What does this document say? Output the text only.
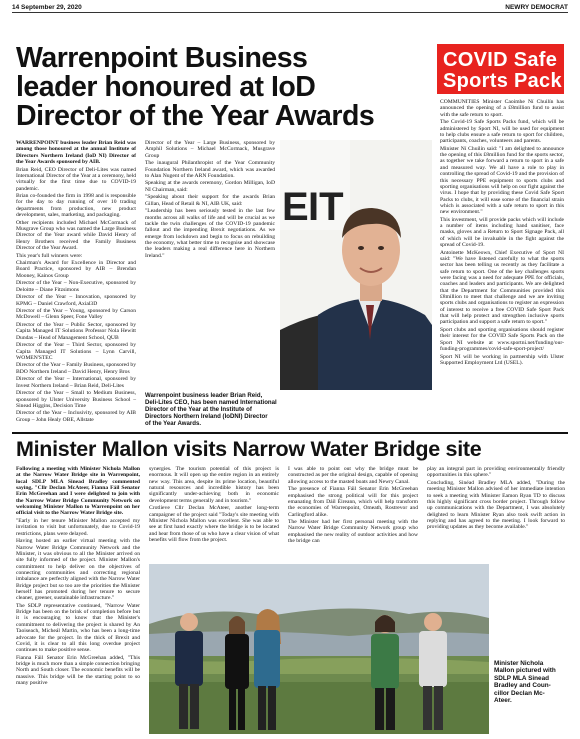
14 September 29, 2020	NEWRY DEMOCRAT
Warrenpoint Business
leader honoured at IoD
Director of the Year Awards

WARRENPOINT business leader Brian Reid was among those honoured at the annual Institute of Directors Northern Ireland (IoD NI) Director of the Year Awards sponsored by AIB.

Brian Reid, CEO Director of Deli-Lites was named International Director of the Year at a ceremony, held virtually for the first time due to COVID-19 pandemic.

Brian co-founded the firm in 1998 and is responsible for the day to day running of over 10 trading departments from production, new product development, sales, marketing, and packaging.

Other recipients included Michael McCormack of Musgrave Group who was named the Large Business Director of the Year award while David Henry of Henry Brothers received the Family Business Director of the Year Award.

This year's full winners were:

Chairman's Award for Excellence in Director and Board Practice, sponsored by AIB – Brendan Mooney, Kainos Group

Director of the Year – Non-Executive, sponsored by Deloitte – Diane Fitzsimons

Director of the Year – Innovation, sponsored by KPMG – Daniel Crawford, Axial3D

Director of the Year – Young, sponsored by Carson McDowell – Glenn Speer, Fone Valley

Director of the Year – Public Sector, sponsored by Capita Managed IT Solutions Professor Nola Hewitt Dundas – Head of Management School, QUB

Director of the Year – Third Sector, sponsored by Capita Managed IT Solutions – Lynn Carvill, WOMEN'STEC

Director of the Year – Family Business, sponsored by BDO Northern Ireland – David Henry, Henry Bros

Director of the Year – International, sponsored by Invest Northern Ireland – Brian Reid, Deli-Lites

Director of the Year – Small to Medium Business, sponsored by Ulster University Business School – Sinead Higgins, Decision Time

Director of the Year – Inclusivity, sponsored by AIB Group – John Healy OBE, Allstate

Director of the Year – Large Business, sponsored by Amphil Solutions – Michael McCormack, Musgrave Group

The inaugural Philanthropist of the Year Community Foundation Northern Ireland award, which was awarded to Alan Nugent of the ARN Foundation.

Speaking at the awards ceremony, Gordon Milligan, IoD NI Chairman, said:

"Speaking about their support for the awards Brian Gillan, Head of Retail & NI, AIB UK, said:

"Leadership has been seriously tested in the last few months across all walks of life and will be crucial as we tackle the twin challenges of the COVID-19 pandemic fallout and the impending Brexit negotiations. As we emerge from lockdown and begin to focus on rebuilding the economy, what better time to recognise and showcase the leaders making a real difference here in Northern Ireland."

E IT
Warrenpoint business leader Brian Reid,
Deli-Lites CEO, has been named International
Director of the Year at the Institute of
Directors Northern Ireland (IoDNI) Director
of the Year Awards.
COVID Safe
Sports Pack

COMMUNITIES Minister Caoimhe Ní Chuilín has announced the opening of a £8million fund to assist with the safe return to sport.

The Covid-19 Safe Sports Packs fund, which will be administered by Sport NI, will be used for equipment to help clubs ensure a safe return to sport for children, participants, coaches, volunteers and parents.

Minister Ní Chuilín said: "I am delighted to announce the opening of this £8million fund for the sports sector, as together we take forward a return to sport in a safe and measured way. We all have a role to play in controlling the spread of Covid-19 and the provision of this necessary PPE equipment to sports clubs and sporting organisations will help on our fight against the virus. I hope that by providing these Covid Safe Sport Packs to clubs, it will ease some of the financial strain which is associated with a safe return to sport in this new environment."

This investment, will provide packs which will include a number of items including hand sanitiser, face masks, gloves and a Return to Sport Signage Pack, all of which will be invaluable in the fight against the spread of Covid-19.

Antoinette McKeown, Chief Executive of Sport NI said: "We have listened carefully to what the sports sector has been telling us recently as they facilitate a safe return to sport. One of the key challenges sports were facing was a need for adequate PPE for officials, coaches and leaders and participants. We are delighted that the Department for Communities provided this £8million to meet that challenge and we are inviting sports clubs and organisations to register an expression of interest to receive a free COVID Safe Sport Pack that will help protect and strengthen inclusive sports participation and support a safe return to sport."

Sport clubs and sporting organisations should register their interest for the COVID Safe Sports Pack on the Sport NI website at www.sportni.net/funding/our-funding-programmes/covid-safe-sport-project/

Sport NI will be working in partnership with Ulster Supported Employment Ltd (USEL).

Minister Mallon visits Narrow Water Bridge site

Following a meeting with Minister Nichola Mallon at the Narrow Water Bridge site in Warrenpoint, local SDLP MLA Sinead Bradley commented saying, "Cllr Declan McAteer, Fianna Fáil Senator Erin McGreehan and I were delighted to join with the Narrow Water Bridge Community Network on welcoming Minister Mallon to Warrenpoint on her official visit to the Narrow Water Bridge site.

"Early in her tenure Minister Mallon accepted my invitation to visit but unfortunately, due to Covid-19 restrictions, plans were delayed.

Having hosted an earlier virtual meeting with the Narrow Water Bridge Community Network and the Minister, it was obvious to all the Minister arrived on site fully informed of the project. Minister Mallon's commitment to help deliver on the objectives of connecting communities and correcting regional imbalance are perfectly aligned with the Narrow Water Bridge project but so too are the priorities the Minister herself has promoted during her tenure to secure cleaner, greener, sustainable infrastructure."

The SDLP representative continued, "Narrow Water Bridge has been on the brink of completion before but it is encouraging to know that the Minister's commitment to delivering the project is shared by An Taoiseach, Micheál Martin, who has been a long-time advocate for the project. In the thick of Brexit and Covid, it is clear to all this long overdue project continues to make positive sense.

Fianna Fáil Senator Erin McGreehan added, "This bridge is much more than a simple connection bringing North and South closer. The economic benefits will be massive. This bridge will be the starting point to so many positive

synergies. The tourism potential of this project is enormous. It will open up the entire region in an entirely new way. This area, despite its prime location, beautiful natural resources and incredible history has been significantly under-achieving both in economic development terms generally and in tourism."

Crotlieve Cllr Declan McAteer, another long-term campaigner of the project said "Today's site meeting with Minister Nichola Mallon was excellent. She was able to see at first hand exactly where the bridge is to be located and hear from those of us who have a clear vision of what benefits will flow from the project.

I was able to point out why the bridge must be constructed as per the original design, capable of opening allowing access to the masted boats and Newry Canal.

The presence of Fianna Fáil Senator Erin McGreehan emphasised the strong political will for this project emanating from Dáil Éireann, which will help transform the economies of Warrenpoint, Omeath, Rostrevor and Carlingford alike.

The Minister had her first personal meeting with the Narrow Water Bridge Community Network group who emphasised the new reality of outdoor activities and how the bridge can

play an integral part in providing environmentally friendly opportunities in this sphere."

Concluding, Sinéad Bradley MLA added, "During the meeting Minister Mallon advised of her immediate intention to seek a meeting with Minister Eamon Ryan TD to discuss this highly significant cross border project. Through follow up communications with the Department, I was absolutely delighted to learn Minister Ryan also took swift action in replying and has agreed to the meeting. I look forward to providing updates as they become available."

Minister Nichola
Mallon pictured with
SDLP MLA Sinead
Bradley and Coun-
cillor Declan Mc-
Ateer.
